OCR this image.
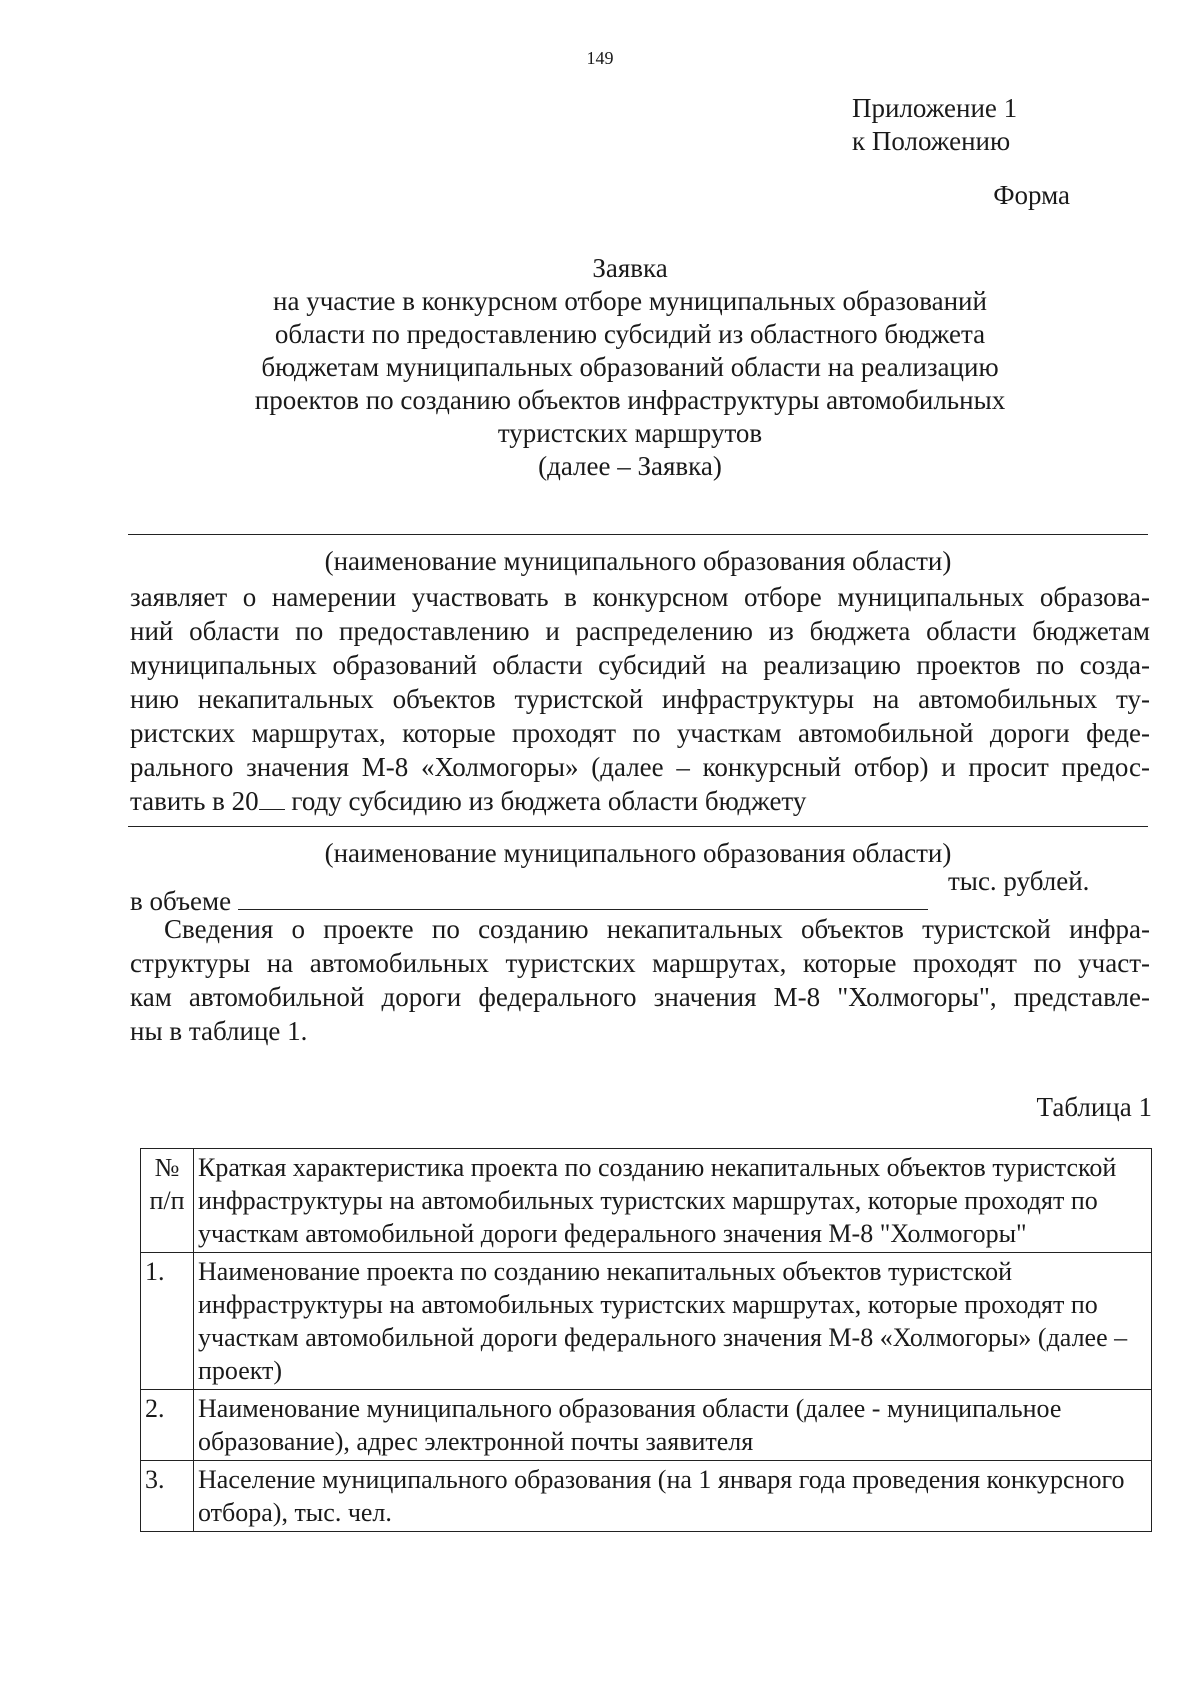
149
Приложение 1
к Положению
Форма
Заявка
на участие в конкурсном отборе муниципальных образований
области по предоставлению субсидий из областного бюджета
бюджетам муниципальных образований области на реализацию
проектов по созданию объектов инфраструктуры автомобильных
туристских маршрутов
(далее – Заявка)
(наименование муниципального образования области)
заявляет о намерении участвовать в конкурсном отборе муниципальных образова-
ний области по предоставлению и распределению из бюджета области бюджетам
муниципальных образований области субсидий на реализацию проектов по созда-
нию некапитальных объектов туристской инфраструктуры на автомобильных ту-
ристских маршрутах, которые проходят по участкам автомобильной дороги феде-
рального значения М-8 «Холмогоры» (далее – конкурсный отбор) и просит предос-
тавить в 20 году субсидию из бюджета области бюджету
(наименование муниципального образования области)
в объеме
тыс. рублей.
Сведения о проекте по созданию некапитальных объектов туристской инфра-
структуры на автомобильных туристских маршрутах, которые проходят по участ-
кам автомобильной дороги федерального значения М-8 "Холмогоры", представле-
ны в таблице 1.
Таблица 1
№ п/п	Краткая характеристика проекта по созданию некапитальных объектов туристской инфраструктуры на автомобильных туристских маршрутах, которые проходят по участкам автомобильной дороги федерального значения М-8 "Холмогоры"
1.	Наименование проекта по созданию некапитальных объектов туристской инфраструктуры на автомобильных туристских маршрутах, которые проходят по участкам автомобильной дороги федерального значения М-8 «Холмогоры» (далее – проект)
2.	Наименование муниципального образования области (далее - муниципальное образование), адрес электронной почты заявителя
3.	Население муниципального образования (на 1 января года проведения конкурсного отбора), тыс. чел.
